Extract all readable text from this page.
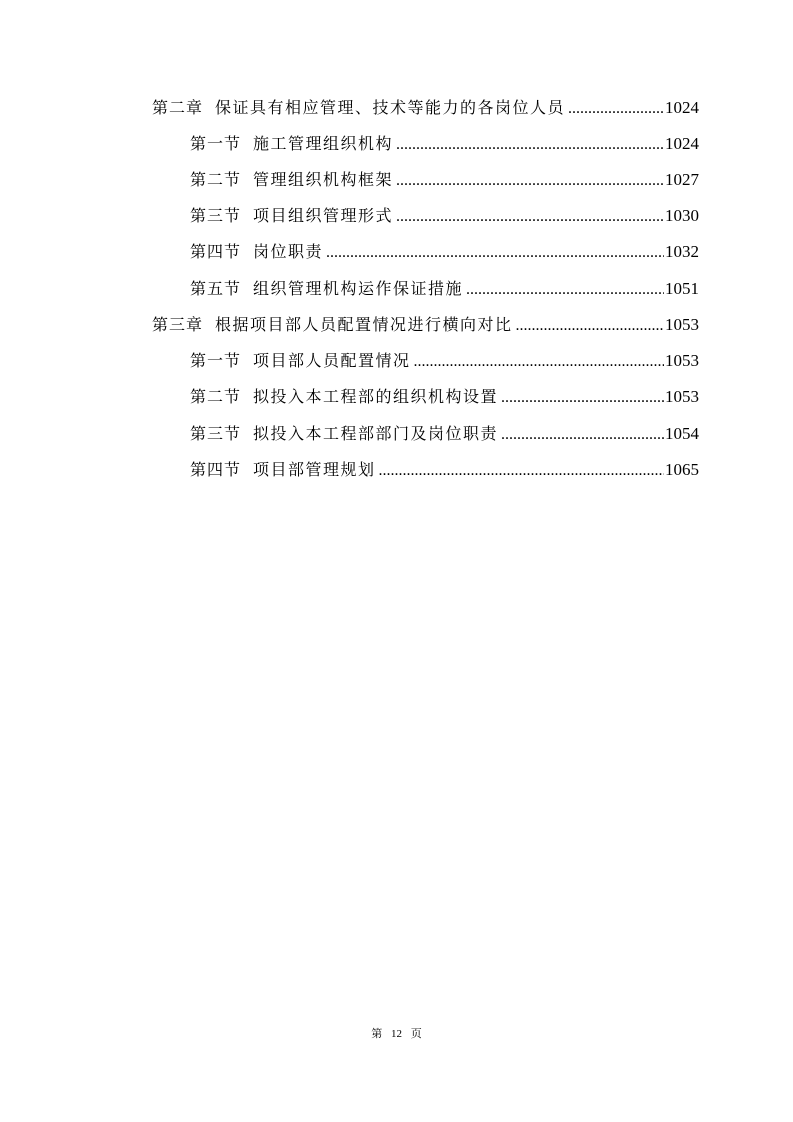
第二章 保证具有相应管理、技术等能力的各岗位人员 .....	1024
第一节 施工管理组织机构 .....	1024
第二节 管理组织机构框架 .....	1027
第三节 项目组织管理形式 .....	1030
第四节 岗位职责 .....	1032
第五节 组织管理机构运作保证措施 .....	1051
第三章 根据项目部人员配置情况进行横向对比 .....	1053
第一节 项目部人员配置情况 .....	1053
第二节 拟投入本工程部的组织机构设置 .....	1053
第三节 拟投入本工程部部门及岗位职责 .....	1054
第四节 项目部管理规划 .....	1065
第 12 页
